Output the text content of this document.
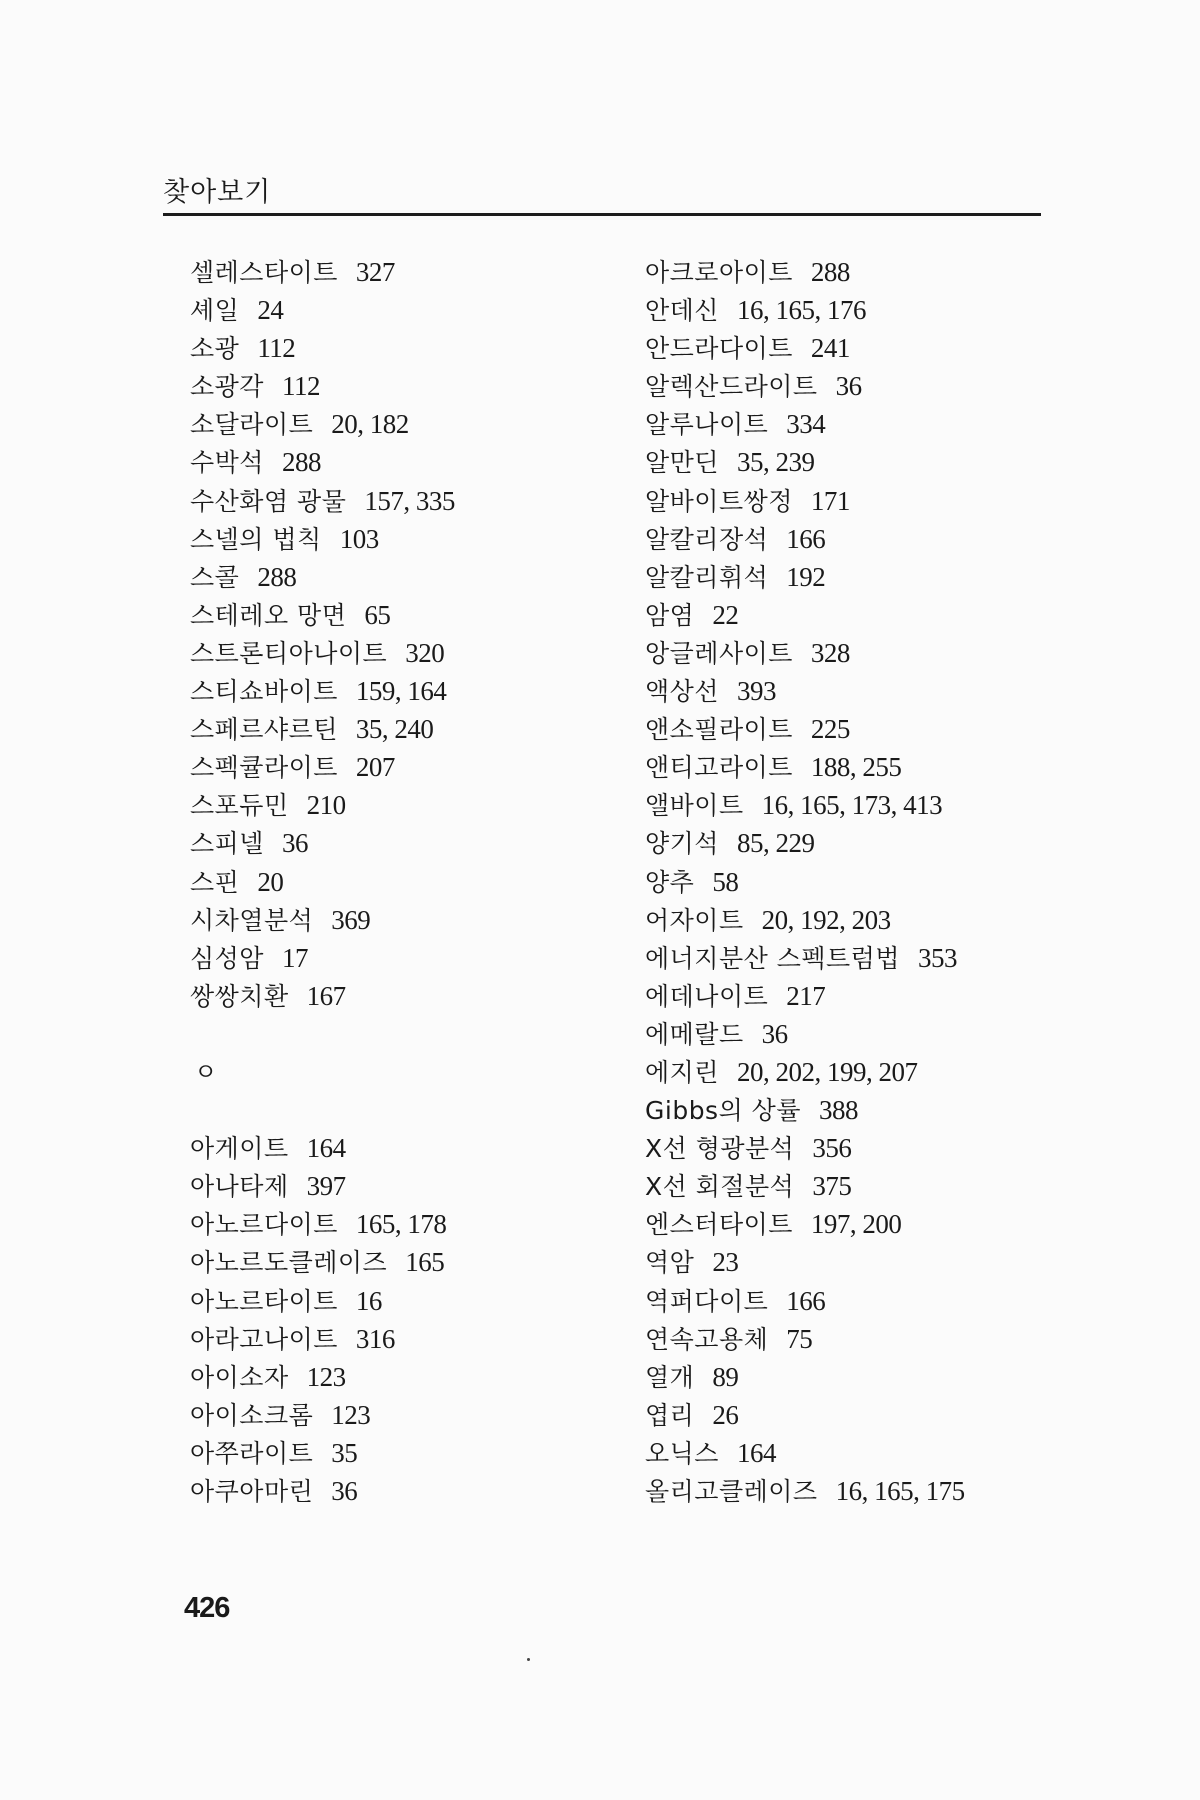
찾아보기
셀레스타이트 327
셰일 24
소광 112
소광각 112
소달라이트 20, 182
수박석 288
수산화염 광물 157, 335
스넬의 법칙 103
스콜 288
스테레오 망면 65
스트론티아나이트 320
스티쇼바이트 159, 164
스페르샤르틴 35, 240
스펙큘라이트 207
스포듀민 210
스피넬 36
스핀 20
시차열분석 369
심성암 17
쌍쌍치환 167
ㅇ
아게이트 164
아나타제 397
아노르다이트 165, 178
아노르도클레이즈 165
아노르타이트 16
아라고나이트 316
아이소자 123
아이소크롬 123
아쭈라이트 35
아쿠아마린 36
아크로아이트 288
안데신 16, 165, 176
안드라다이트 241
알렉산드라이트 36
알루나이트 334
알만딘 35, 239
알바이트쌍정 171
알칼리장석 166
알칼리휘석 192
암염 22
앙글레사이트 328
액상선 393
앤소필라이트 225
앤티고라이트 188, 255
앨바이트 16, 165, 173, 413
양기석 85, 229
양추 58
어자이트 20, 192, 203
에너지분산 스펙트럼법 353
에데나이트 217
에메랄드 36
에지린 20, 202, 199, 207
Gibbs의 상률 388
X선 형광분석 356
X선 회절분석 375
엔스터타이트 197, 200
역암 23
역퍼다이트 166
연속고용체 75
열개 89
엽리 26
오닉스 164
올리고클레이즈 16, 165, 175
426
